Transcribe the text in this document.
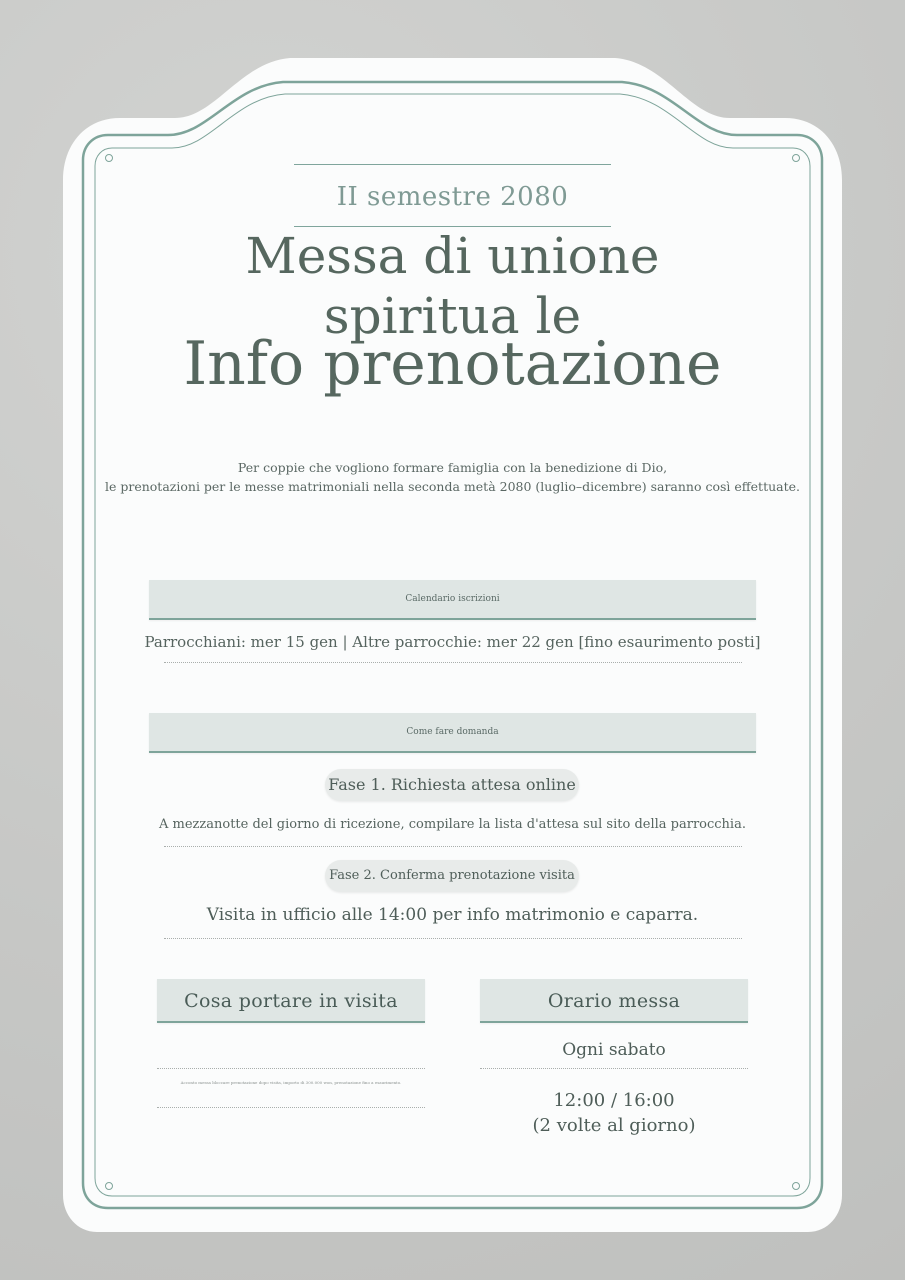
II semestre 2080
Messa di unione spiritua le
Info prenotazione
Per coppie che vogliono formare famiglia con la benedizione di Dio,
le prenotazioni per le messe matrimoniali nella seconda metà 2080 (luglio–dicembre) saranno così effettuate.
Calendario iscrizioni
Parrocchiani: mer 15 gen | Altre parrocchie: mer 22 gen [fino esaurimento posti]
Come fare domanda
Fase 1. Richiesta attesa online
A mezzanotte del giorno di ricezione, compilare la lista d'attesa sul sito della parrocchia.
Fase 2. Conferma prenotazione visita
Visita in ufficio alle 14:00 per info matrimonio e caparra.
Cosa portare in visita
Acconto messa bloccare prenotazione dopo visita, importo di 300.000 won, prenotazione fino a esaurimento.
Orario messa
Ogni sabato
12:00 / 16:00
(2 volte al giorno)
